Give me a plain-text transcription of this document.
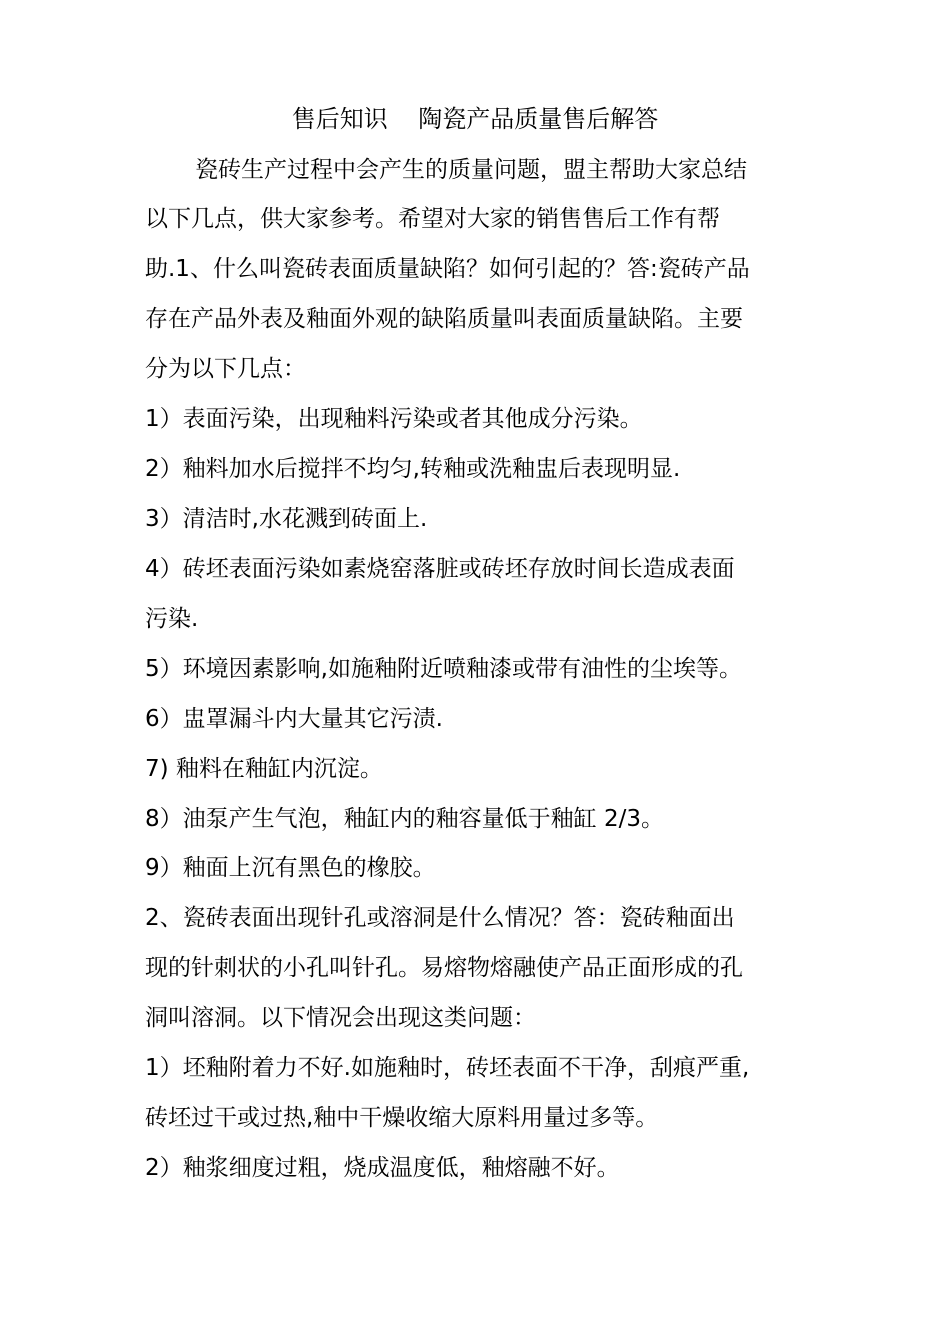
售后知识    陶瓷产品质量售后解答
瓷砖生产过程中会产生的质量问题，盟主帮助大家总结
以下几点，供大家参考。希望对大家的销售售后工作有帮
助.1、什么叫瓷砖表面质量缺陷？如何引起的？答:瓷砖产品
存在产品外表及釉面外观的缺陷质量叫表面质量缺陷。主要
分为以下几点：
1）表面污染，出现釉料污染或者其他成分污染。
2）釉料加水后搅拌不均匀,转釉或洗釉盅后表现明显.
3）清洁时,水花溅到砖面上.
4）砖坯表面污染如素烧窑落脏或砖坯存放时间长造成表面
污染.
5）环境因素影响,如施釉附近喷釉漆或带有油性的尘埃等。
6）盅罩漏斗内大量其它污渍.
7) 釉料在釉缸内沉淀。
8）油泵产生气泡，釉缸内的釉容量低于釉缸 2/3。
9）釉面上沉有黑色的橡胶。
2、瓷砖表面出现针孔或溶洞是什么情况？答：瓷砖釉面出
现的针刺状的小孔叫针孔。易熔物熔融使产品正面形成的孔
洞叫溶洞。以下情况会出现这类问题：
1）坯釉附着力不好.如施釉时，砖坯表面不干净，刮痕严重,
砖坯过干或过热,釉中干燥收缩大原料用量过多等。
2）釉浆细度过粗，烧成温度低，釉熔融不好。
